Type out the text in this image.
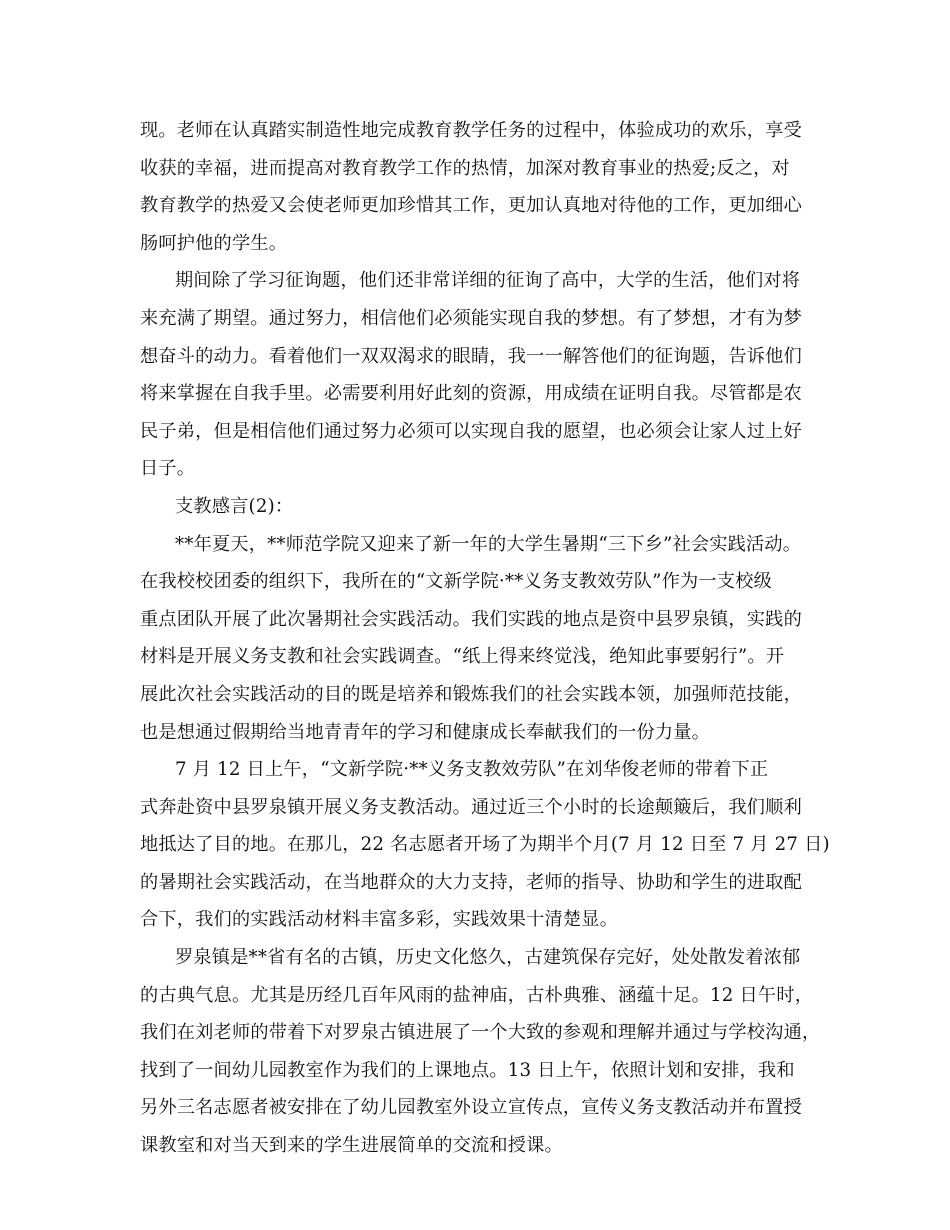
现。老师在认真踏实制造性地完成教育教学任务的过程中，体验成功的欢乐，享受
收获的幸福，进而提高对教育教学工作的热情，加深对教育事业的热爱;反之，对
教育教学的热爱又会使老师更加珍惜其工作，更加认真地对待他的工作，更加细心
肠呵护他的学生。
期间除了学习征询题，他们还非常详细的征询了高中，大学的生活，他们对将
来充满了期望。通过努力，相信他们必须能实现自我的梦想。有了梦想，才有为梦
想奋斗的动力。看着他们一双双渴求的眼睛，我一一解答他们的征询题，告诉他们
将来掌握在自我手里。必需要利用好此刻的资源，用成绩在证明自我。尽管都是农
民子弟，但是相信他们通过努力必须可以实现自我的愿望，也必须会让家人过上好
日子。
支教感言(2)：
**年夏天，**师范学院又迎来了新一年的大学生暑期“三下乡”社会实践活动。
在我校校团委的组织下，我所在的“文新学院·**义务支教效劳队”作为一支校级
重点团队开展了此次暑期社会实践活动。我们实践的地点是资中县罗泉镇，实践的
材料是开展义务支教和社会实践调查。“纸上得来终觉浅，绝知此事要躬行”。开
展此次社会实践活动的目的既是培养和锻炼我们的社会实践本领，加强师范技能，
也是想通过假期给当地青青年的学习和健康成长奉献我们的一份力量。
7 月 12 日上午，“文新学院·**义务支教效劳队”在刘华俊老师的带着下正
式奔赴资中县罗泉镇开展义务支教活动。通过近三个小时的长途颠簸后，我们顺利
地抵达了目的地。在那儿，22 名志愿者开场了为期半个月(7 月 12 日至 7 月 27 日)
的暑期社会实践活动，在当地群众的大力支持，老师的指导、协助和学生的进取配
合下，我们的实践活动材料丰富多彩，实践效果十清楚显。
罗泉镇是**省有名的古镇，历史文化悠久，古建筑保存完好，处处散发着浓郁
的古典气息。尤其是历经几百年风雨的盐神庙，古朴典雅、涵蕴十足。12 日午时，
我们在刘老师的带着下对罗泉古镇进展了一个大致的参观和理解并通过与学校沟通，
找到了一间幼儿园教室作为我们的上课地点。13 日上午，依照计划和安排，我和
另外三名志愿者被安排在了幼儿园教室外设立宣传点，宣传义务支教活动并布置授
课教室和对当天到来的学生进展简单的交流和授课。
